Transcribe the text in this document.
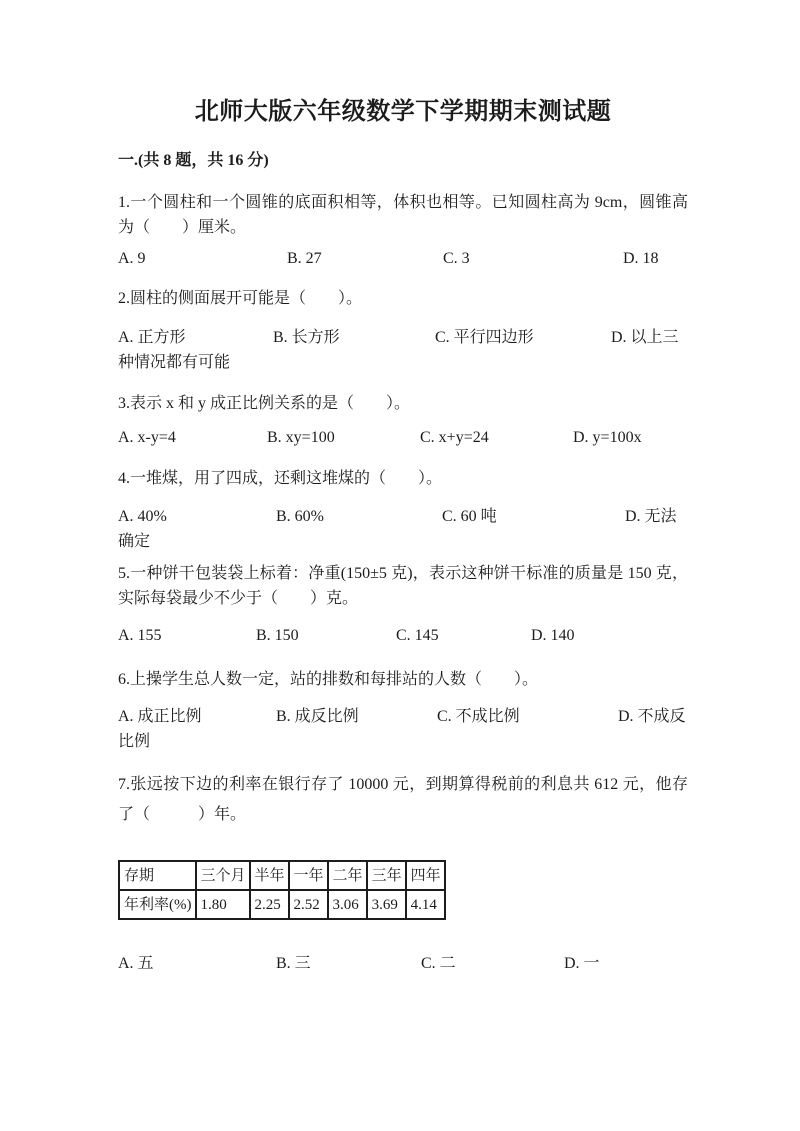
北师大版六年级数学下学期期末测试题
一.(共 8 题，共 16 分)

1.一个圆柱和一个圆锥的底面积相等，体积也相等。已知圆柱高为 9cm，圆锥高为（　　）厘米。

A. 9	B. 27	C. 3	D. 18

2.圆柱的侧面展开可能是（　　）。

A. 正方形	B. 长方形	C. 平行四边形	D. 以上三种情况都有可能

3.表示 x 和 y 成正比例关系的是（　　）。

A. x-y=4	B. xy=100	C. x+y=24	D. y=100x

4.一堆煤，用了四成，还剩这堆煤的（　　）。

A. 40%	B. 60%	C. 60 吨	D. 无法确定

5.一种饼干包装袋上标着：净重(150±5 克)，表示这种饼干标准的质量是 150 克，实际每袋最少不少于（　　）克。

A. 155	B. 150	C. 145	D. 140

6.上操学生总人数一定，站的排数和每排站的人数（　　）。

A. 成正比例	B. 成反比例	C. 不成比例	D. 不成反比例

7.张远按下边的利率在银行存了 10000 元，到期算得税前的利息共 612 元，他存了（　　　）年。

存期	三个月	半年	一年	二年	三年	四年
年利率(%)	1.80	2.25	2.52	3.06	3.69	4.14
A. 五	B. 三	C. 二	D. 一
